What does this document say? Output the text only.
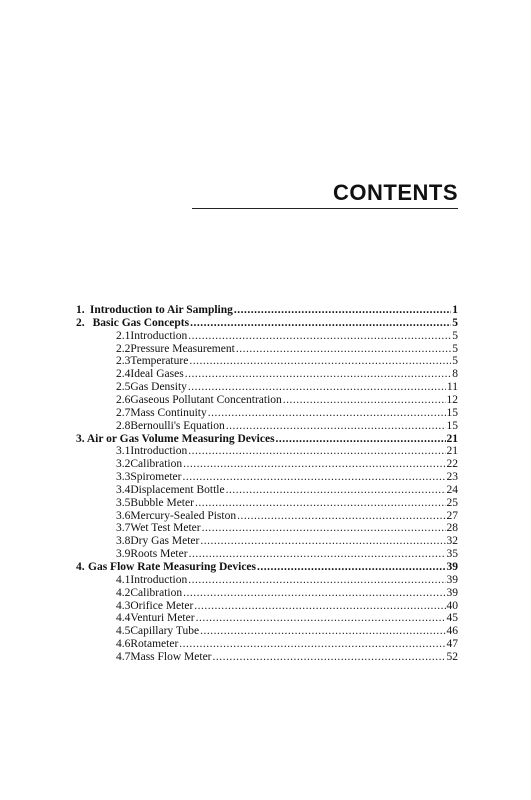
CONTENTS
1. Introduction to Air Sampling .....	1
2. Basic Gas Concepts .....	5
2.1 Introduction .....	5
2.2 Pressure Measurement .....	5
2.3 Temperature .....	5
2.4 Ideal Gases .....	8
2.5 Gas Density .....	11
2.6 Gaseous Pollutant Concentration .....	12
2.7 Mass Continuity .....	15
2.8 Bernoulli's Equation .....	15
3. Air or Gas Volume Measuring Devices .....	21
3.1 Introduction .....	21
3.2 Calibration .....	22
3.3 Spirometer .....	23
3.4 Displacement Bottle .....	24
3.5 Bubble Meter .....	25
3.6 Mercury-Sealed Piston .....	27
3.7 Wet Test Meter .....	28
3.8 Dry Gas Meter .....	32
3.9 Roots Meter .....	35
4. Gas Flow Rate Measuring Devices .....	39
4.1 Introduction .....	39
4.2 Calibration .....	39
4.3 Orifice Meter .....	40
4.4 Venturi Meter .....	45
4.5 Capillary Tube .....	46
4.6 Rotameter .....	47
4.7 Mass Flow Meter .....	52
